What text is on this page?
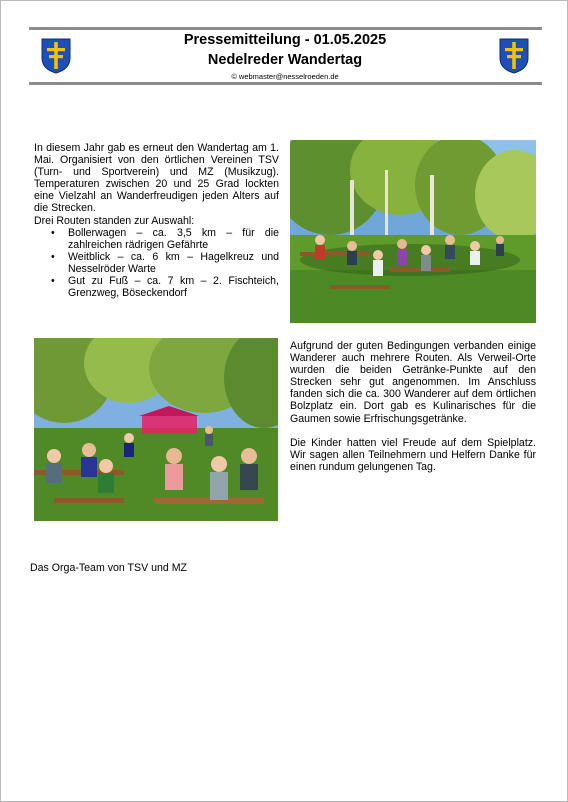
Pressemitteilung - 01.05.2025
Nedelreder Wandertag
© webmaster@nesselroeden.de

In diesem Jahr gab es erneut den Wandertag am 1. Mai. Organisiert von den örtlichen Vereinen TSV (Turn- und Sportverein) und MZ (Musikzug). Temperaturen zwischen 20 und 25 Grad lockten eine Vielzahl an Wanderfreudigen jeden Alters auf die Strecken.

Drei Routen standen zur Auswahl:

• Bollerwagen – ca. 3,5 km – für die zahlreichen rädrigen Gefährte
• Weitblick – ca. 6 km – Hagelkreuz und Nesselröder Warte
• Gut zu Fuß – ca. 7 km – 2. Fischteich, Grenzweg, Böseckendorf

Aufgrund der guten Bedingungen verbanden einige Wanderer auch mehrere Routen. Als Verweil-Orte wurden die beiden Getränke-Punkte auf den Strecken sehr gut angenommen. Im Anschluss fanden sich die ca. 300 Wanderer auf dem örtlichen Bolzplatz ein. Dort gab es Kulinarisches für die Gaumen sowie Erfrischungsgetränke.

Die Kinder hatten viel Freude auf dem Spielplatz. Wir sagen allen Teilnehmern und Helfern Danke für einen rundum gelungenen Tag.

Das Orga-Team von TSV und MZ
